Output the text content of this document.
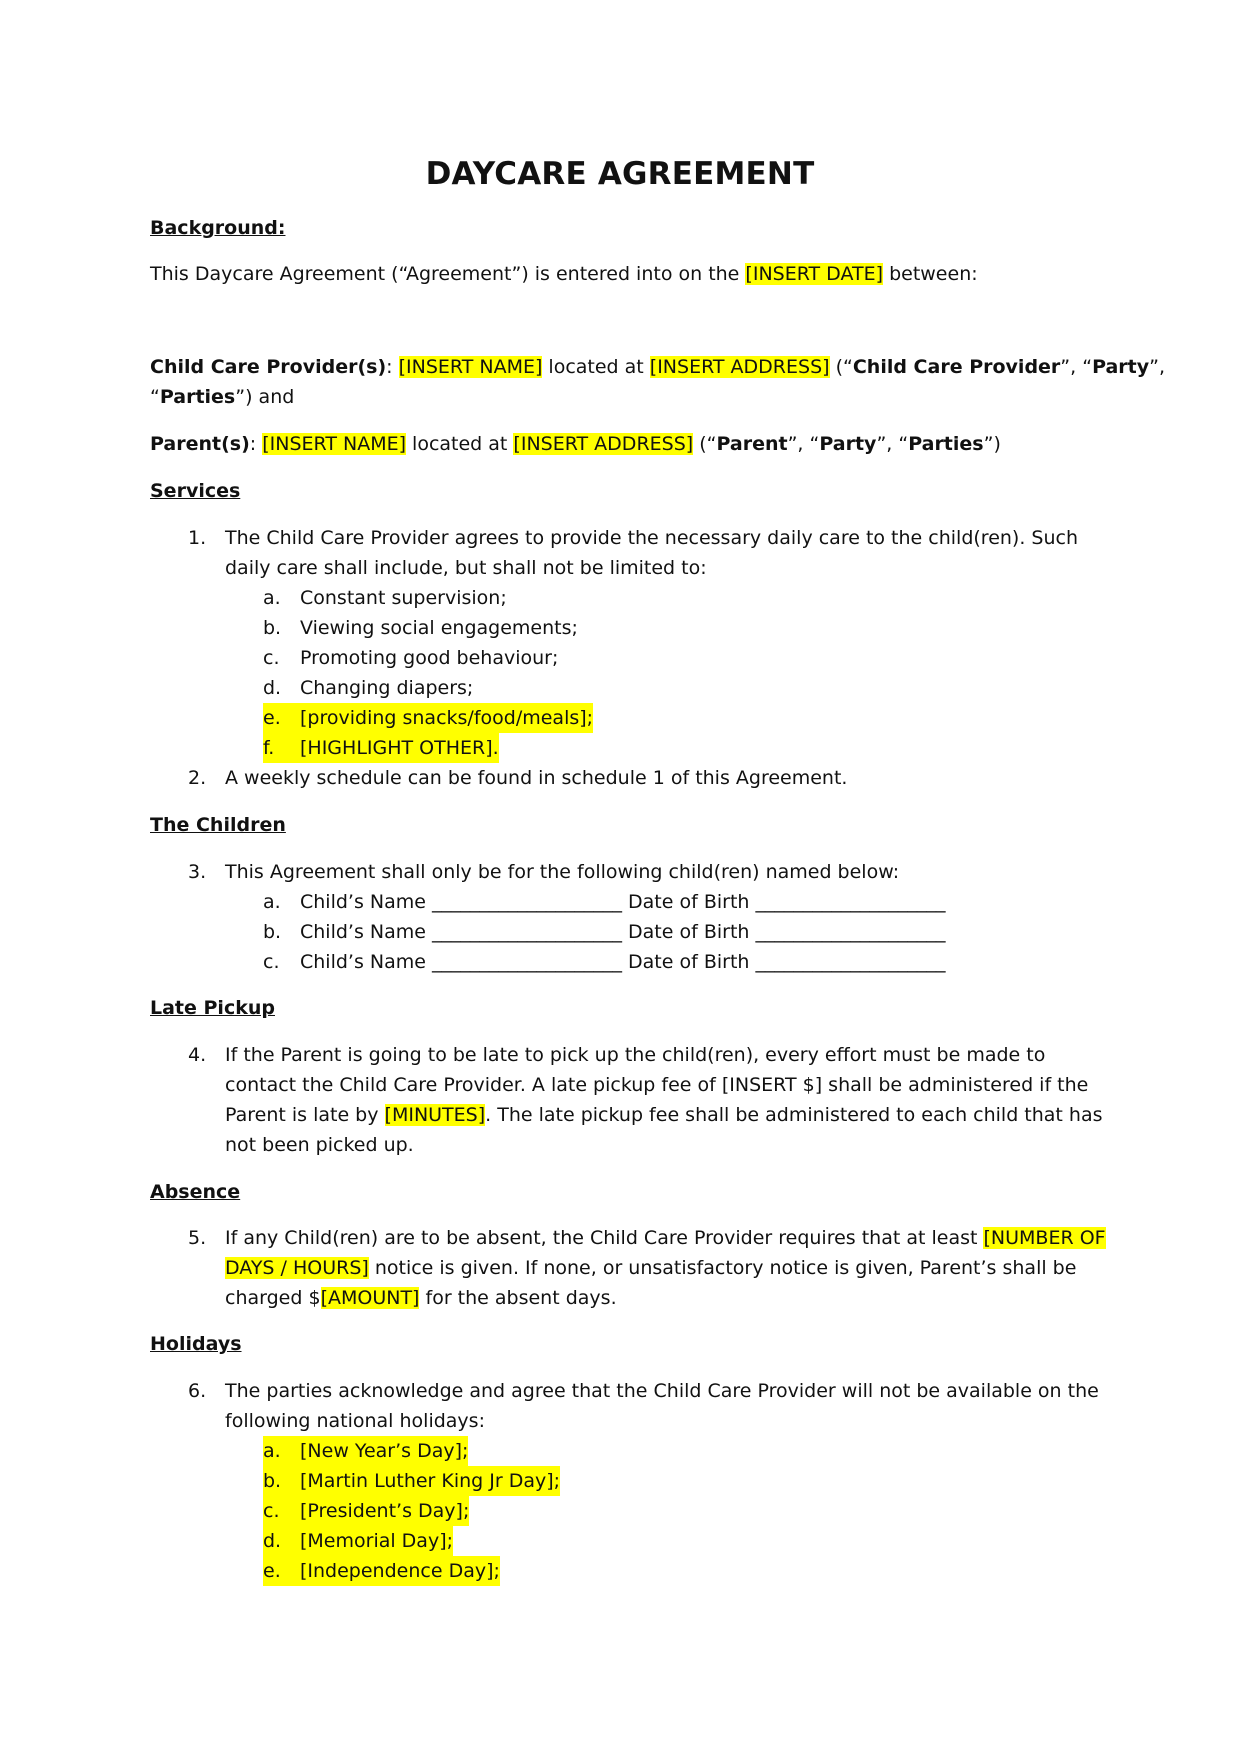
DAYCARE AGREEMENT
Background:
This Daycare Agreement (“Agreement”) is entered into on the [INSERT DATE] between:
Child Care Provider(s): [INSERT NAME] located at [INSERT ADDRESS] (“Child Care Provider”, “Party”,
“Parties”) and
Parent(s): [INSERT NAME] located at [INSERT ADDRESS] (“Parent”, “Party”, “Parties”)
Services
1. The Child Care Provider agrees to provide the necessary daily care to the child(ren). Such
daily care shall include, but shall not be limited to:
a. Constant supervision;
b. Viewing social engagements;
c. Promoting good behaviour;
d. Changing diapers;
e. [providing snacks/food/meals];
f. [HIGHLIGHT OTHER].
2. A weekly schedule can be found in schedule 1 of this Agreement.
The Children
3. This Agreement shall only be for the following child(ren) named below:
a. Child’s Name ____________________ Date of Birth ____________________
b. Child’s Name ____________________ Date of Birth ____________________
c. Child’s Name ____________________ Date of Birth ____________________
Late Pickup
4. If the Parent is going to be late to pick up the child(ren), every effort must be made to
contact the Child Care Provider. A late pickup fee of [INSERT $] shall be administered if the
Parent is late by [MINUTES]. The late pickup fee shall be administered to each child that has
not been picked up.
Absence
5. If any Child(ren) are to be absent, the Child Care Provider requires that at least [NUMBER OF
DAYS / HOURS] notice is given. If none, or unsatisfactory notice is given, Parent’s shall be
charged $[AMOUNT] for the absent days.
Holidays
6. The parties acknowledge and agree that the Child Care Provider will not be available on the
following national holidays:
a. [New Year’s Day];
b. [Martin Luther King Jr Day];
c. [President’s Day];
d. [Memorial Day];
e. [Independence Day];
